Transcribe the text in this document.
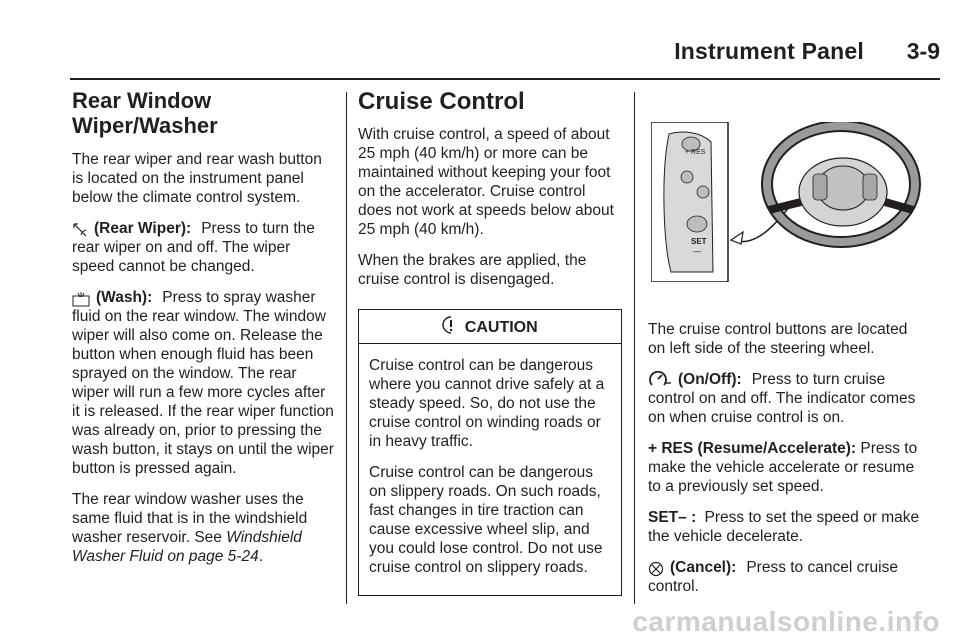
Instrument Panel 3-9
Rear Window
Wiper/Washer

The rear wiper and rear wash button is located on the instrument panel below the climate control system.

(Rear Wiper): Press to turn the
rear wiper on and off. The wiper speed cannot be changed.

(Wash): Press to spray washer
fluid on the rear window. The window wiper will also come on. Release the button when enough fluid has been sprayed on the window. The rear wiper will run a few more cycles after it is released. If the rear wiper function was already on, prior to pressing the wash button, it stays on until the wiper button is pressed again.

The rear window washer uses the same fluid that is in the windshield washer reservoir. See Windshield Washer Fluid on page 5-24.

Cruise Control

With cruise control, a speed of about 25 mph (40 km/h) or more can be maintained without keeping your foot on the accelerator. Cruise control does not work at speeds below about 25 mph (40 km/h).

When the brakes are applied, the cruise control is disengaged.

CAUTION

Cruise control can be dangerous where you cannot drive safely at a steady speed. So, do not use the cruise control on winding roads or in heavy traffic.

Cruise control can be dangerous on slippery roads. On such roads, fast changes in tire traction can cause excessive wheel slip, and you could lose control. Do not use cruise control on slippery roads.

+ RES
SET
—

The cruise control buttons are located on left side of the steering wheel.

(On/Off): Press to turn cruise
control on and off. The indicator comes on when cruise control is on.

+ RES (Resume/Accelerate): Press to make the vehicle accelerate or resume to a previously set speed.

SET– : Press to set the speed or make the vehicle decelerate.

(Cancel): Press to cancel cruise
control.

carmanualsonline.info
